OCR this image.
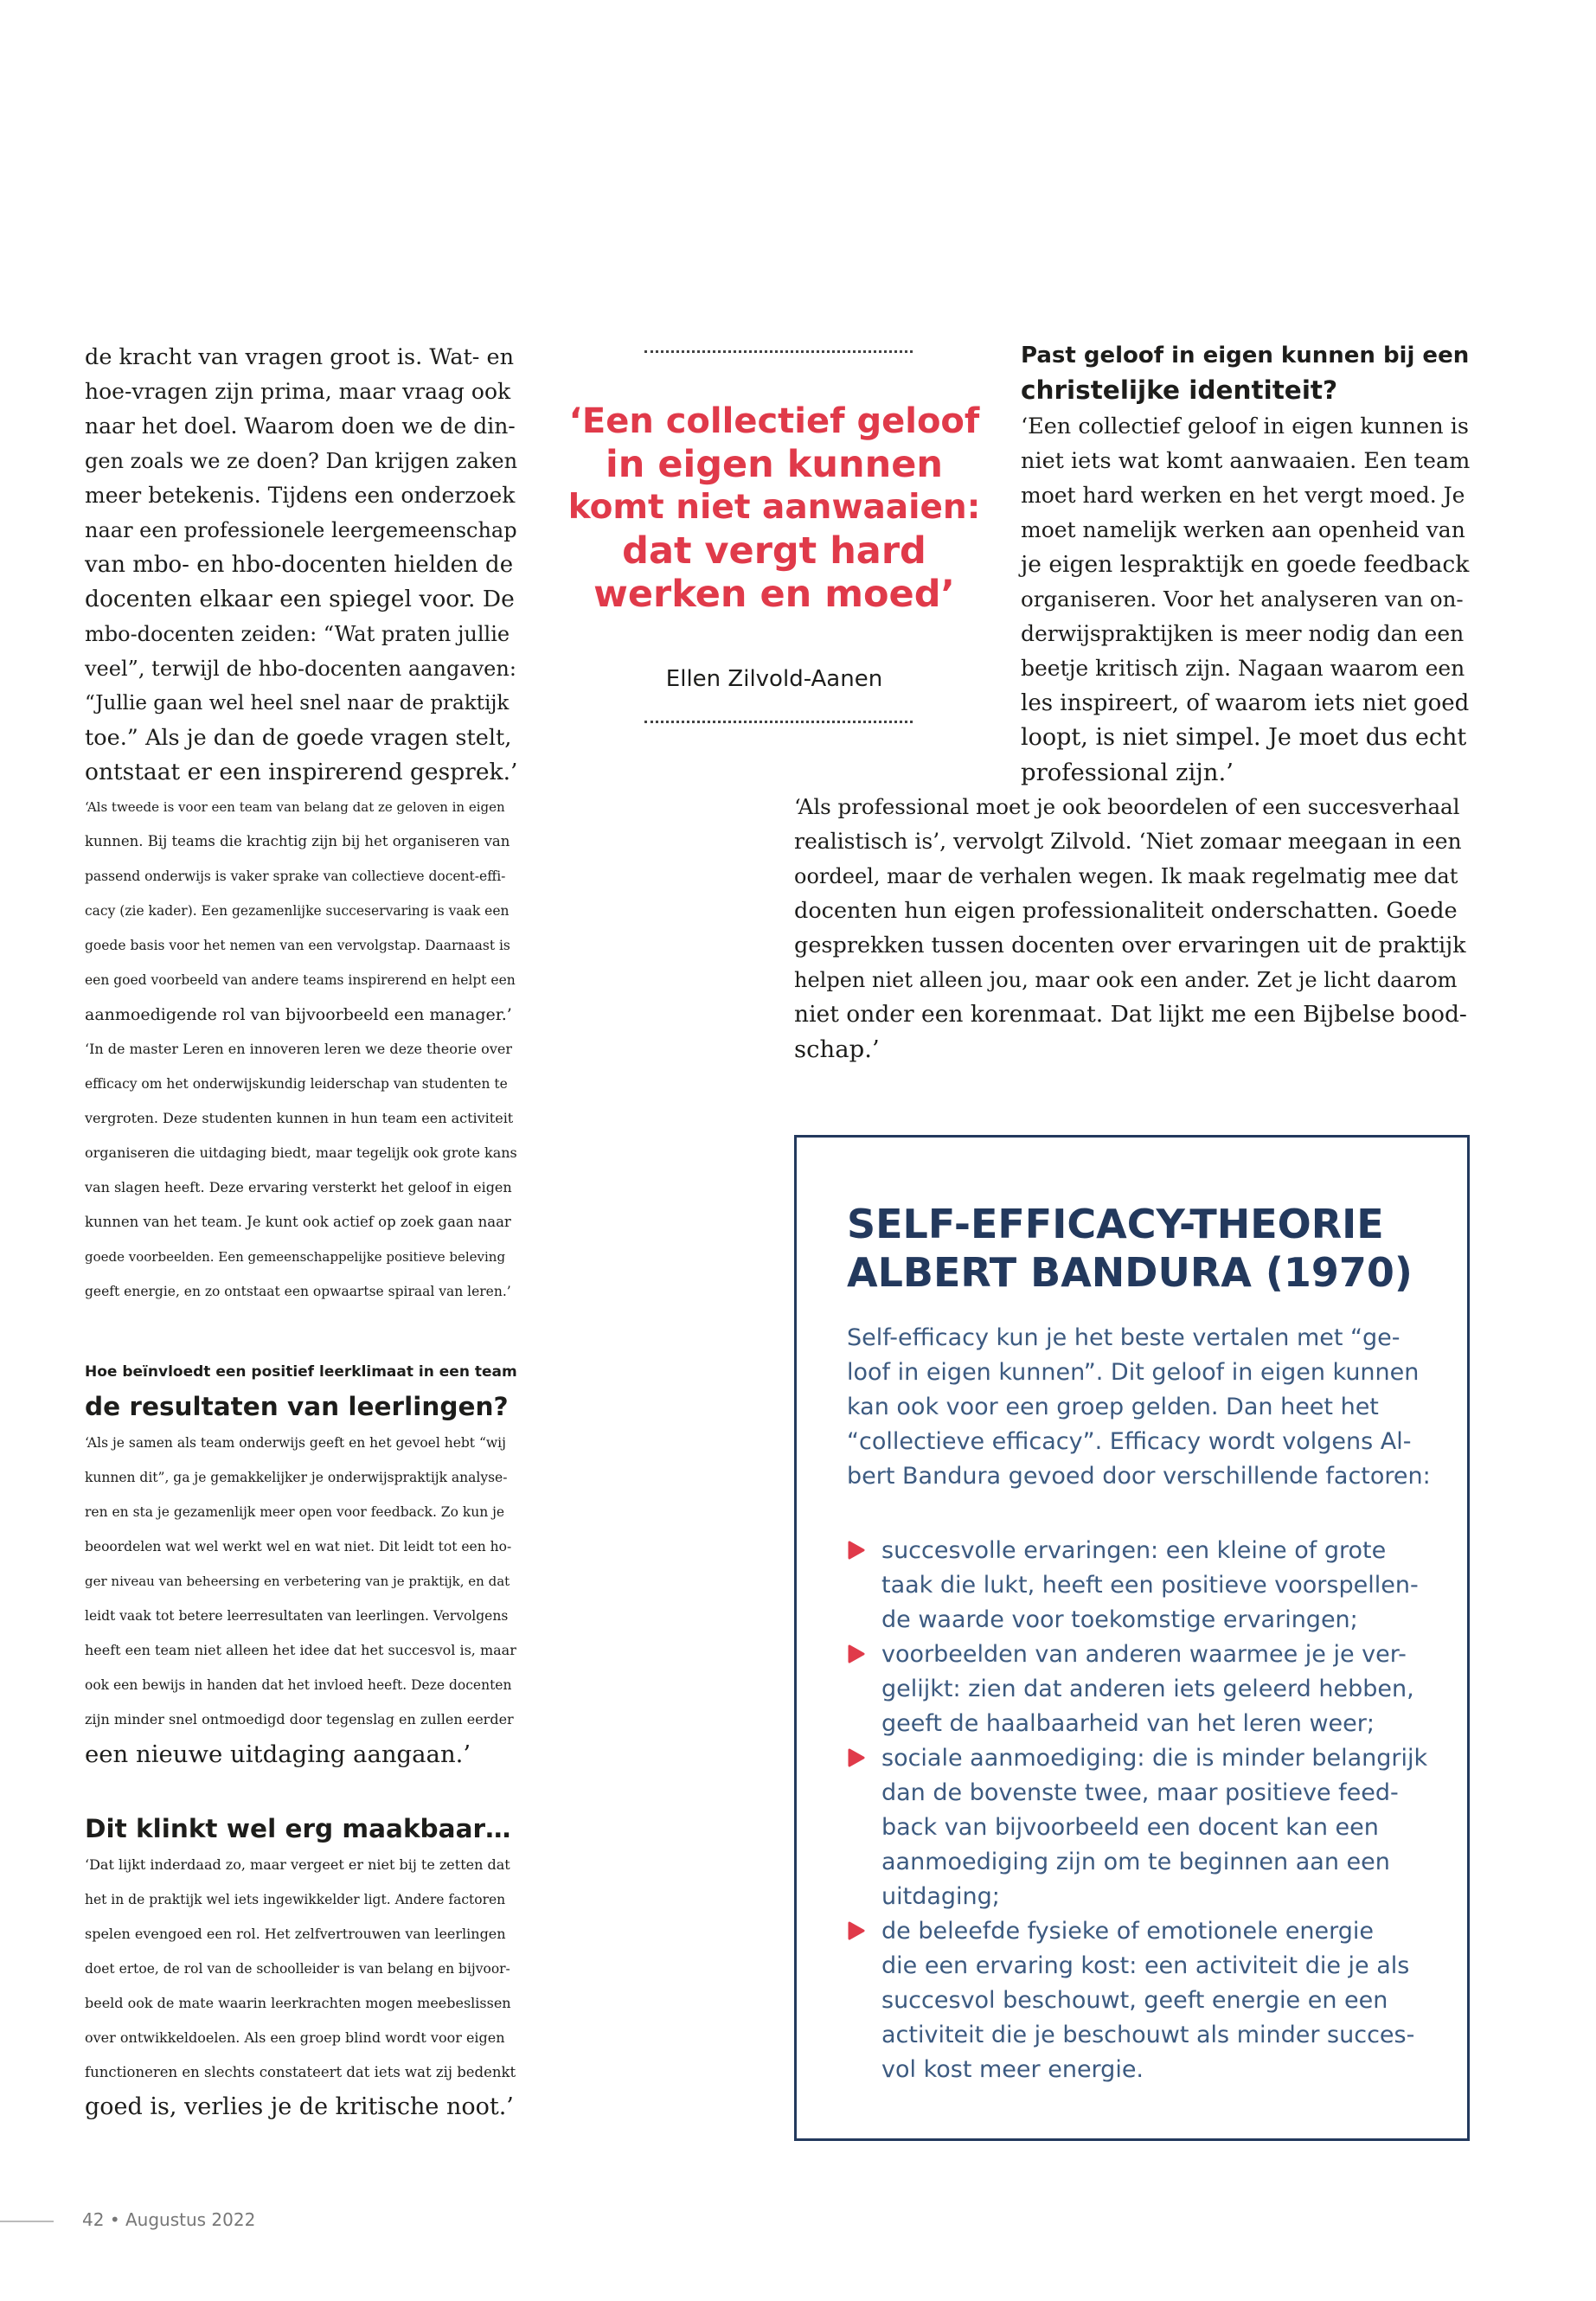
de kracht van vragen groot is. Wat- en
hoe-vragen zijn prima, maar vraag ook
naar het doel. Waarom doen we de din-
gen zoals we ze doen? Dan krijgen zaken
meer betekenis. Tijdens een onderzoek
naar een professionele leergemeenschap
van mbo- en hbo-docenten hielden de
docenten elkaar een spiegel voor. De
mbo-docenten zeiden: “Wat praten jullie
veel”, terwijl de hbo-docenten aangaven:
“Jullie gaan wel heel snel naar de praktijk
toe.” Als je dan de goede vragen stelt,
ontstaat er een inspirerend gesprek.’
‘Een collectief geloof
in eigen kunnen
komt niet aanwaaien:
dat vergt hard
werken en moed’
Ellen Zilvold-Aanen
Past geloof in eigen kunnen bij een
christelijke identiteit?
‘Een collectief geloof in eigen kunnen is
niet iets wat komt aanwaaien. Een team
moet hard werken en het vergt moed. Je
moet namelijk werken aan openheid van
je eigen lespraktijk en goede feedback
organiseren. Voor het analyseren van on-
derwijspraktijken is meer nodig dan een
beetje kritisch zijn. Nagaan waarom een
les inspireert, of waarom iets niet goed
loopt, is niet simpel. Je moet dus echt
professional zijn.’
‘Als tweede is voor een team van belang dat ze geloven in eigen
kunnen. Bij teams die krachtig zijn bij het organiseren van
passend onderwijs is vaker sprake van collectieve docent-effi-
cacy (zie kader). Een gezamenlijke succeservaring is vaak een
goede basis voor het nemen van een vervolgstap. Daarnaast is
een goed voorbeeld van andere teams inspirerend en helpt een
aanmoedigende rol van bijvoorbeeld een manager.’
‘In de master Leren en innoveren leren we deze theorie over
efficacy om het onderwijskundig leiderschap van studenten te
vergroten. Deze studenten kunnen in hun team een activiteit
organiseren die uitdaging biedt, maar tegelijk ook grote kans
van slagen heeft. Deze ervaring versterkt het geloof in eigen
kunnen van het team. Je kunt ook actief op zoek gaan naar
goede voorbeelden. Een gemeenschappelijke positieve beleving
geeft energie, en zo ontstaat een opwaartse spiraal van leren.’
Hoe beïnvloedt een positief leerklimaat in een team
de resultaten van leerlingen?
‘Als je samen als team onderwijs geeft en het gevoel hebt “wij
kunnen dit”, ga je gemakkelijker je onderwijspraktijk analyse-
ren en sta je gezamenlijk meer open voor feedback. Zo kun je
beoordelen wat wel werkt wel en wat niet. Dit leidt tot een ho-
ger niveau van beheersing en verbetering van je praktijk, en dat
leidt vaak tot betere leerresultaten van leerlingen. Vervolgens
heeft een team niet alleen het idee dat het succesvol is, maar
ook een bewijs in handen dat het invloed heeft. Deze docenten
zijn minder snel ontmoedigd door tegenslag en zullen eerder
een nieuwe uitdaging aangaan.’
Dit klinkt wel erg maakbaar…
‘Dat lijkt inderdaad zo, maar vergeet er niet bij te zetten dat
het in de praktijk wel iets ingewikkelder ligt. Andere factoren
spelen evengoed een rol. Het zelfvertrouwen van leerlingen
doet ertoe, de rol van de schoolleider is van belang en bijvoor-
beeld ook de mate waarin leerkrachten mogen meebeslissen
over ontwikkeldoelen. Als een groep blind wordt voor eigen
functioneren en slechts constateert dat iets wat zij bedenkt
goed is, verlies je de kritische noot.’
‘Als professional moet je ook beoordelen of een succesverhaal
realistisch is’, vervolgt Zilvold. ‘Niet zomaar meegaan in een
oordeel, maar de verhalen wegen. Ik maak regelmatig mee dat
docenten hun eigen professionaliteit onderschatten. Goede
gesprekken tussen docenten over ervaringen uit de praktijk
helpen niet alleen jou, maar ook een ander. Zet je licht daarom
niet onder een korenmaat. Dat lijkt me een Bijbelse bood-
schap.’
SELF-EFFICACY-THEORIE
ALBERT BANDURA (1970)
Self-efficacy kun je het beste vertalen met “ge-
loof in eigen kunnen”. Dit geloof in eigen kunnen
kan ook voor een groep gelden. Dan heet het
“collectieve efficacy”. Efficacy wordt volgens Al-
bert Bandura gevoed door verschillende factoren:
succesvolle ervaringen: een kleine of grote
taak die lukt, heeft een positieve voorspellen-
de waarde voor toekomstige ervaringen;
voorbeelden van anderen waarmee je je ver-
gelijkt: zien dat anderen iets geleerd hebben,
geeft de haalbaarheid van het leren weer;
sociale aanmoediging: die is minder belangrijk
dan de bovenste twee, maar positieve feed-
back van bijvoorbeeld een docent kan een
aanmoediging zijn om te beginnen aan een
uitdaging;
de beleefde fysieke of emotionele energie
die een ervaring kost: een activiteit die je als
succesvol beschouwt, geeft energie en een
activiteit die je beschouwt als minder succes-
vol kost meer energie.
42 • Augustus 2022
